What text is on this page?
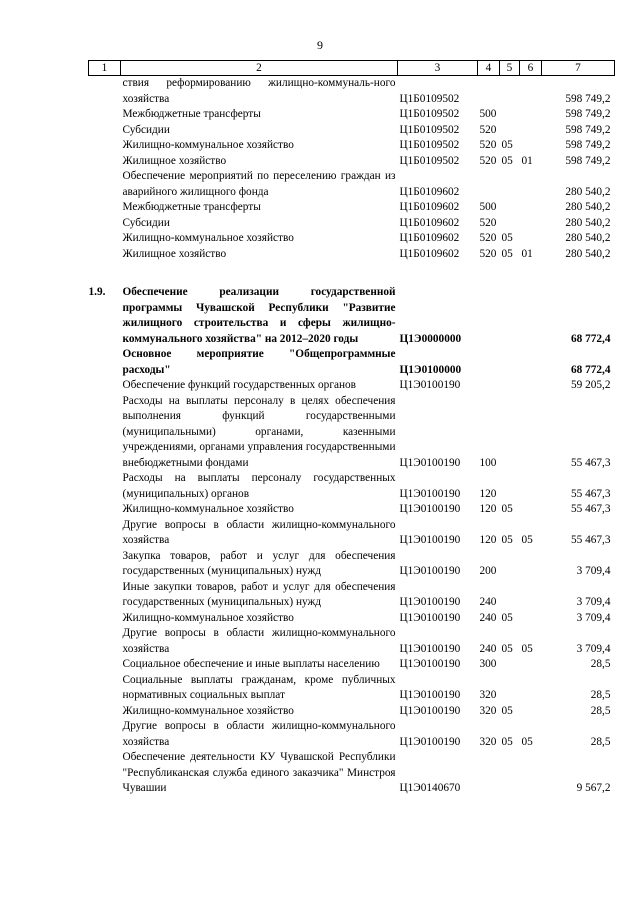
9
1	2	3	4	5	6	7
	ствия реформированию жилищно-коммуналь-ного хозяйства	Ц1Б0109502				598 749,2
	Межбюджетные трансферты	Ц1Б0109502	500			598 749,2
	Субсидии	Ц1Б0109502	520			598 749,2
	Жилищно-коммунальное хозяйство	Ц1Б0109502	520	05		598 749,2
	Жилищное хозяйство	Ц1Б0109502	520	05	01	598 749,2
	Обеспечение мероприятий по переселению граждан из аварийного жилищного фонда	Ц1Б0109602				280 540,2
	Межбюджетные трансферты	Ц1Б0109602	500			280 540,2
	Субсидии	Ц1Б0109602	520			280 540,2
	Жилищно-коммунальное хозяйство	Ц1Б0109602	520	05		280 540,2
	Жилищное хозяйство	Ц1Б0109602	520	05	01	280 540,2

1.9.	Обеспечение реализации государственной программы Чувашской Республики "Развитие жилищного строительства и сферы жилищно-коммунального хозяйства" на 2012–2020 годы	Ц1Э0000000				68 772,4
	Основное мероприятие "Общепрограммные расходы"	Ц1Э0100000				68 772,4
	Обеспечение функций государственных органов	Ц1Э0100190				59 205,2
	Расходы на выплаты персоналу в целях обеспечения выполнения функций государственными (муниципальными) органами, казенными учреждениями, органами управления государственными внебюджетными фондами	Ц1Э0100190	100			55 467,3
	Расходы на выплаты персоналу государственных (муниципальных) органов	Ц1Э0100190	120			55 467,3
	Жилищно-коммунальное хозяйство	Ц1Э0100190	120	05		55 467,3
	Другие вопросы в области жилищно-коммунального хозяйства	Ц1Э0100190	120	05	05	55 467,3
	Закупка товаров, работ и услуг для обеспечения государственных (муниципальных) нужд	Ц1Э0100190	200			3 709,4
	Иные закупки товаров, работ и услуг для обеспечения государственных (муниципальных) нужд	Ц1Э0100190	240			3 709,4
	Жилищно-коммунальное хозяйство	Ц1Э0100190	240	05		3 709,4
	Другие вопросы в области жилищно-коммунального хозяйства	Ц1Э0100190	240	05	05	3 709,4
	Социальное обеспечение и иные выплаты населению	Ц1Э0100190	300			28,5
	Социальные выплаты гражданам, кроме публичных нормативных социальных выплат	Ц1Э0100190	320			28,5
	Жилищно-коммунальное хозяйство	Ц1Э0100190	320	05		28,5
	Другие вопросы в области жилищно-коммунального хозяйства	Ц1Э0100190	320	05	05	28,5
	Обеспечение деятельности КУ Чувашской Республики "Республиканская служба единого заказчика" Минстроя Чувашии	Ц1Э0140670				9 567,2
